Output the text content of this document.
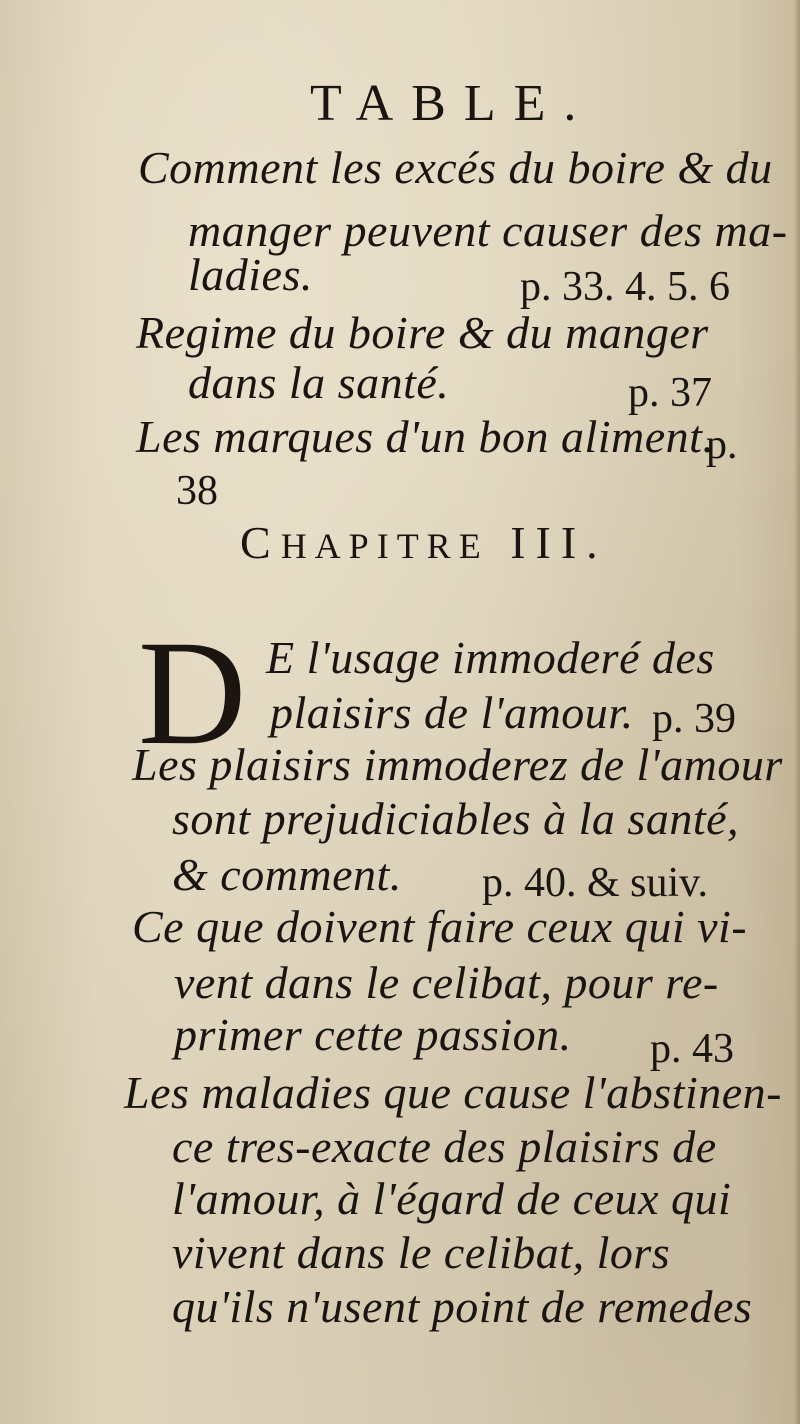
TABLE.
Comment les excés du boire & du
manger peuvent causer des ma-
ladies.	p. 33. 4. 5. 6
Regime du boire & du manger
dans la santé.	p. 37
Les marques d'un bon aliment.
p.
38
CHAPITRE III.
D E l'usage immoderé des
plaisirs de l'amour. p. 39
Les plaisirs immoderez de l'amour
sont prejudiciables à la santé,
& comment. p. 40. & suiv.
Ce que doivent faire ceux qui vi-
vent dans le celibat, pour re-
primer cette passion. p. 43
Les maladies que cause l'abstinen-
ce tres-exacte des plaisirs de
l'amour, à l'égard de ceux qui
vivent dans le celibat, lors
qu'ils n'usent point de remedes
